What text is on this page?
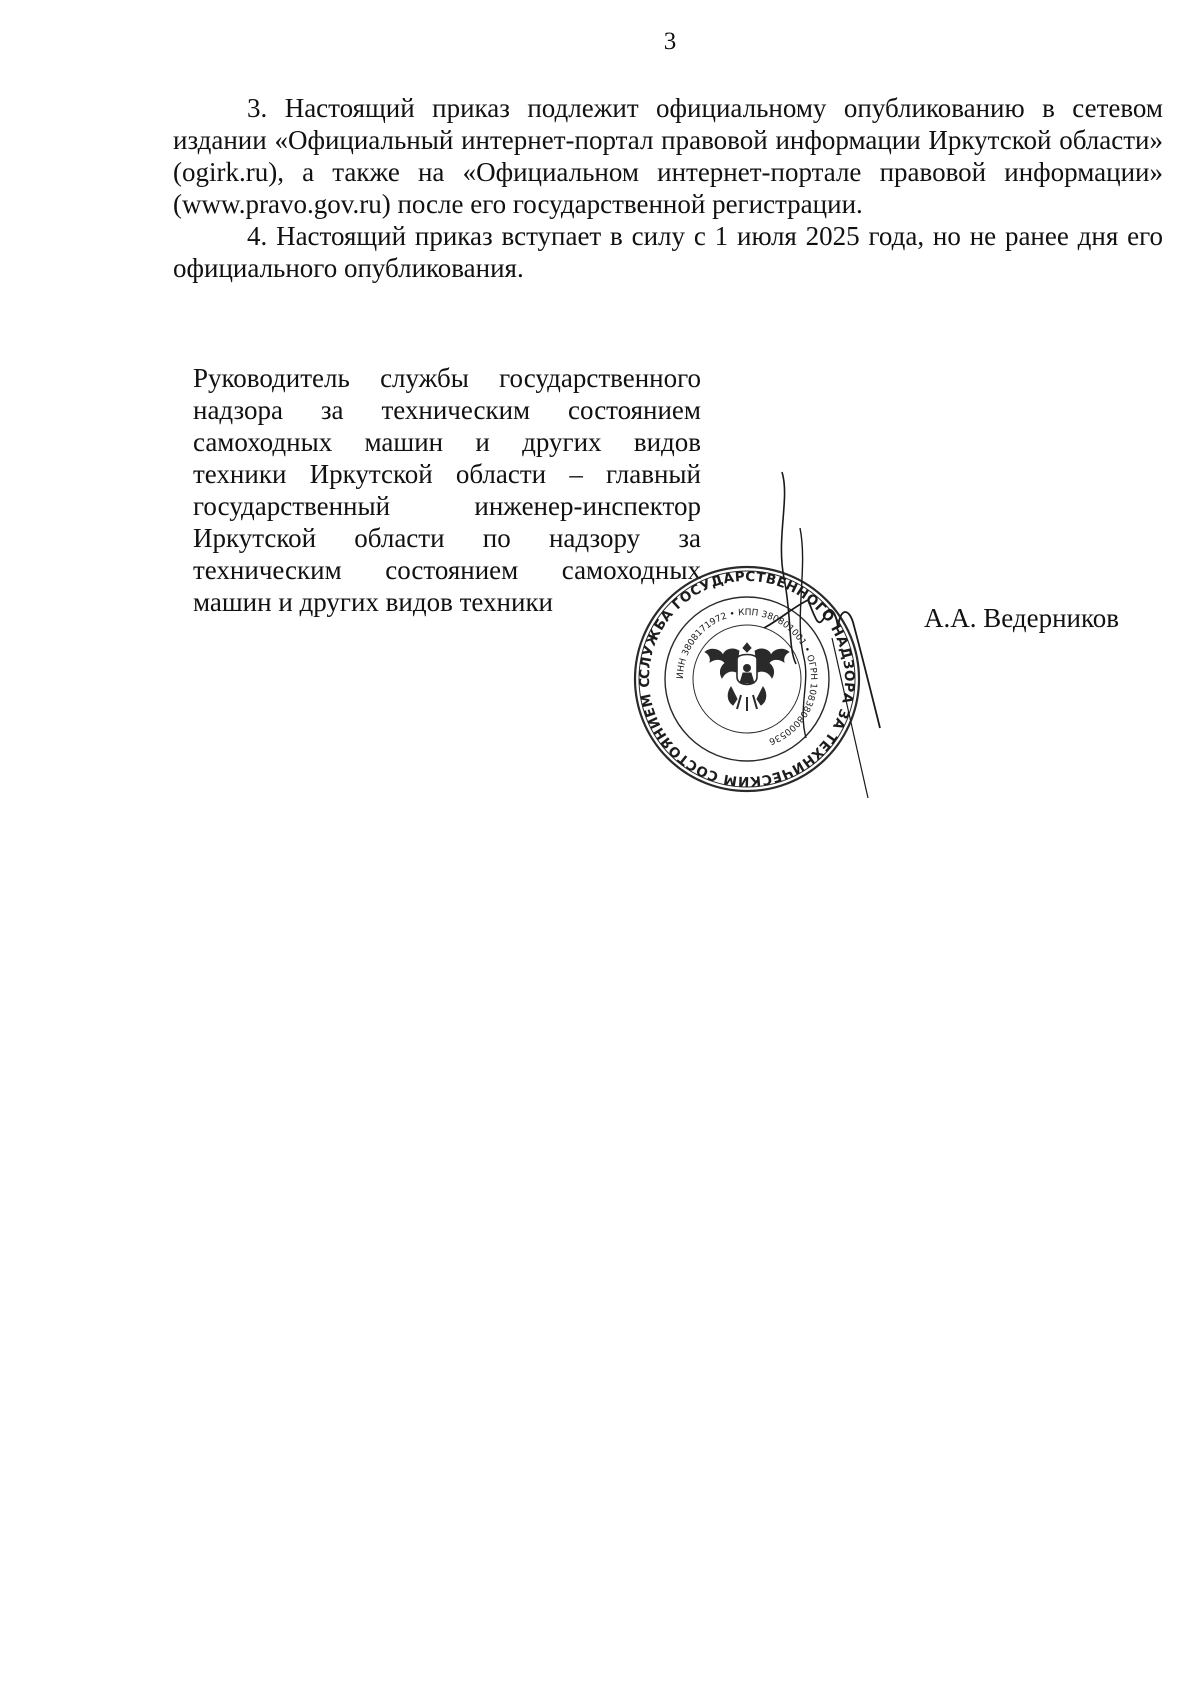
3

3. Настоящий приказ подлежит официальному опубликованию в сетевом издании «Официальный интернет-портал правовой информации Иркутской области» (ogirk.ru), а также на «Официальном интернет-портале правовой информации» (www.pravo.gov.ru) после его государственной регистрации.

4. Настоящий приказ вступает в силу с 1 июля 2025 года, но не ранее дня его официального опубликования.

Руководитель службы государственного
надзора за техническим состоянием
самоходных машин и других видов
техники Иркутской области – главный
государственный инженер-инспектор
Иркутской области по надзору за
техническим состоянием самоходных
машин и других видов техники
А.А. Ведерников
СЛУЖБА ГОСУДАРСТВЕННОГО НАДЗОРА ЗА ТЕХНИЧЕСКИМ СОСТОЯНИЕМ С
ИНН 3808171972 • КПП 380801001 • ОГРН 1083808000536
